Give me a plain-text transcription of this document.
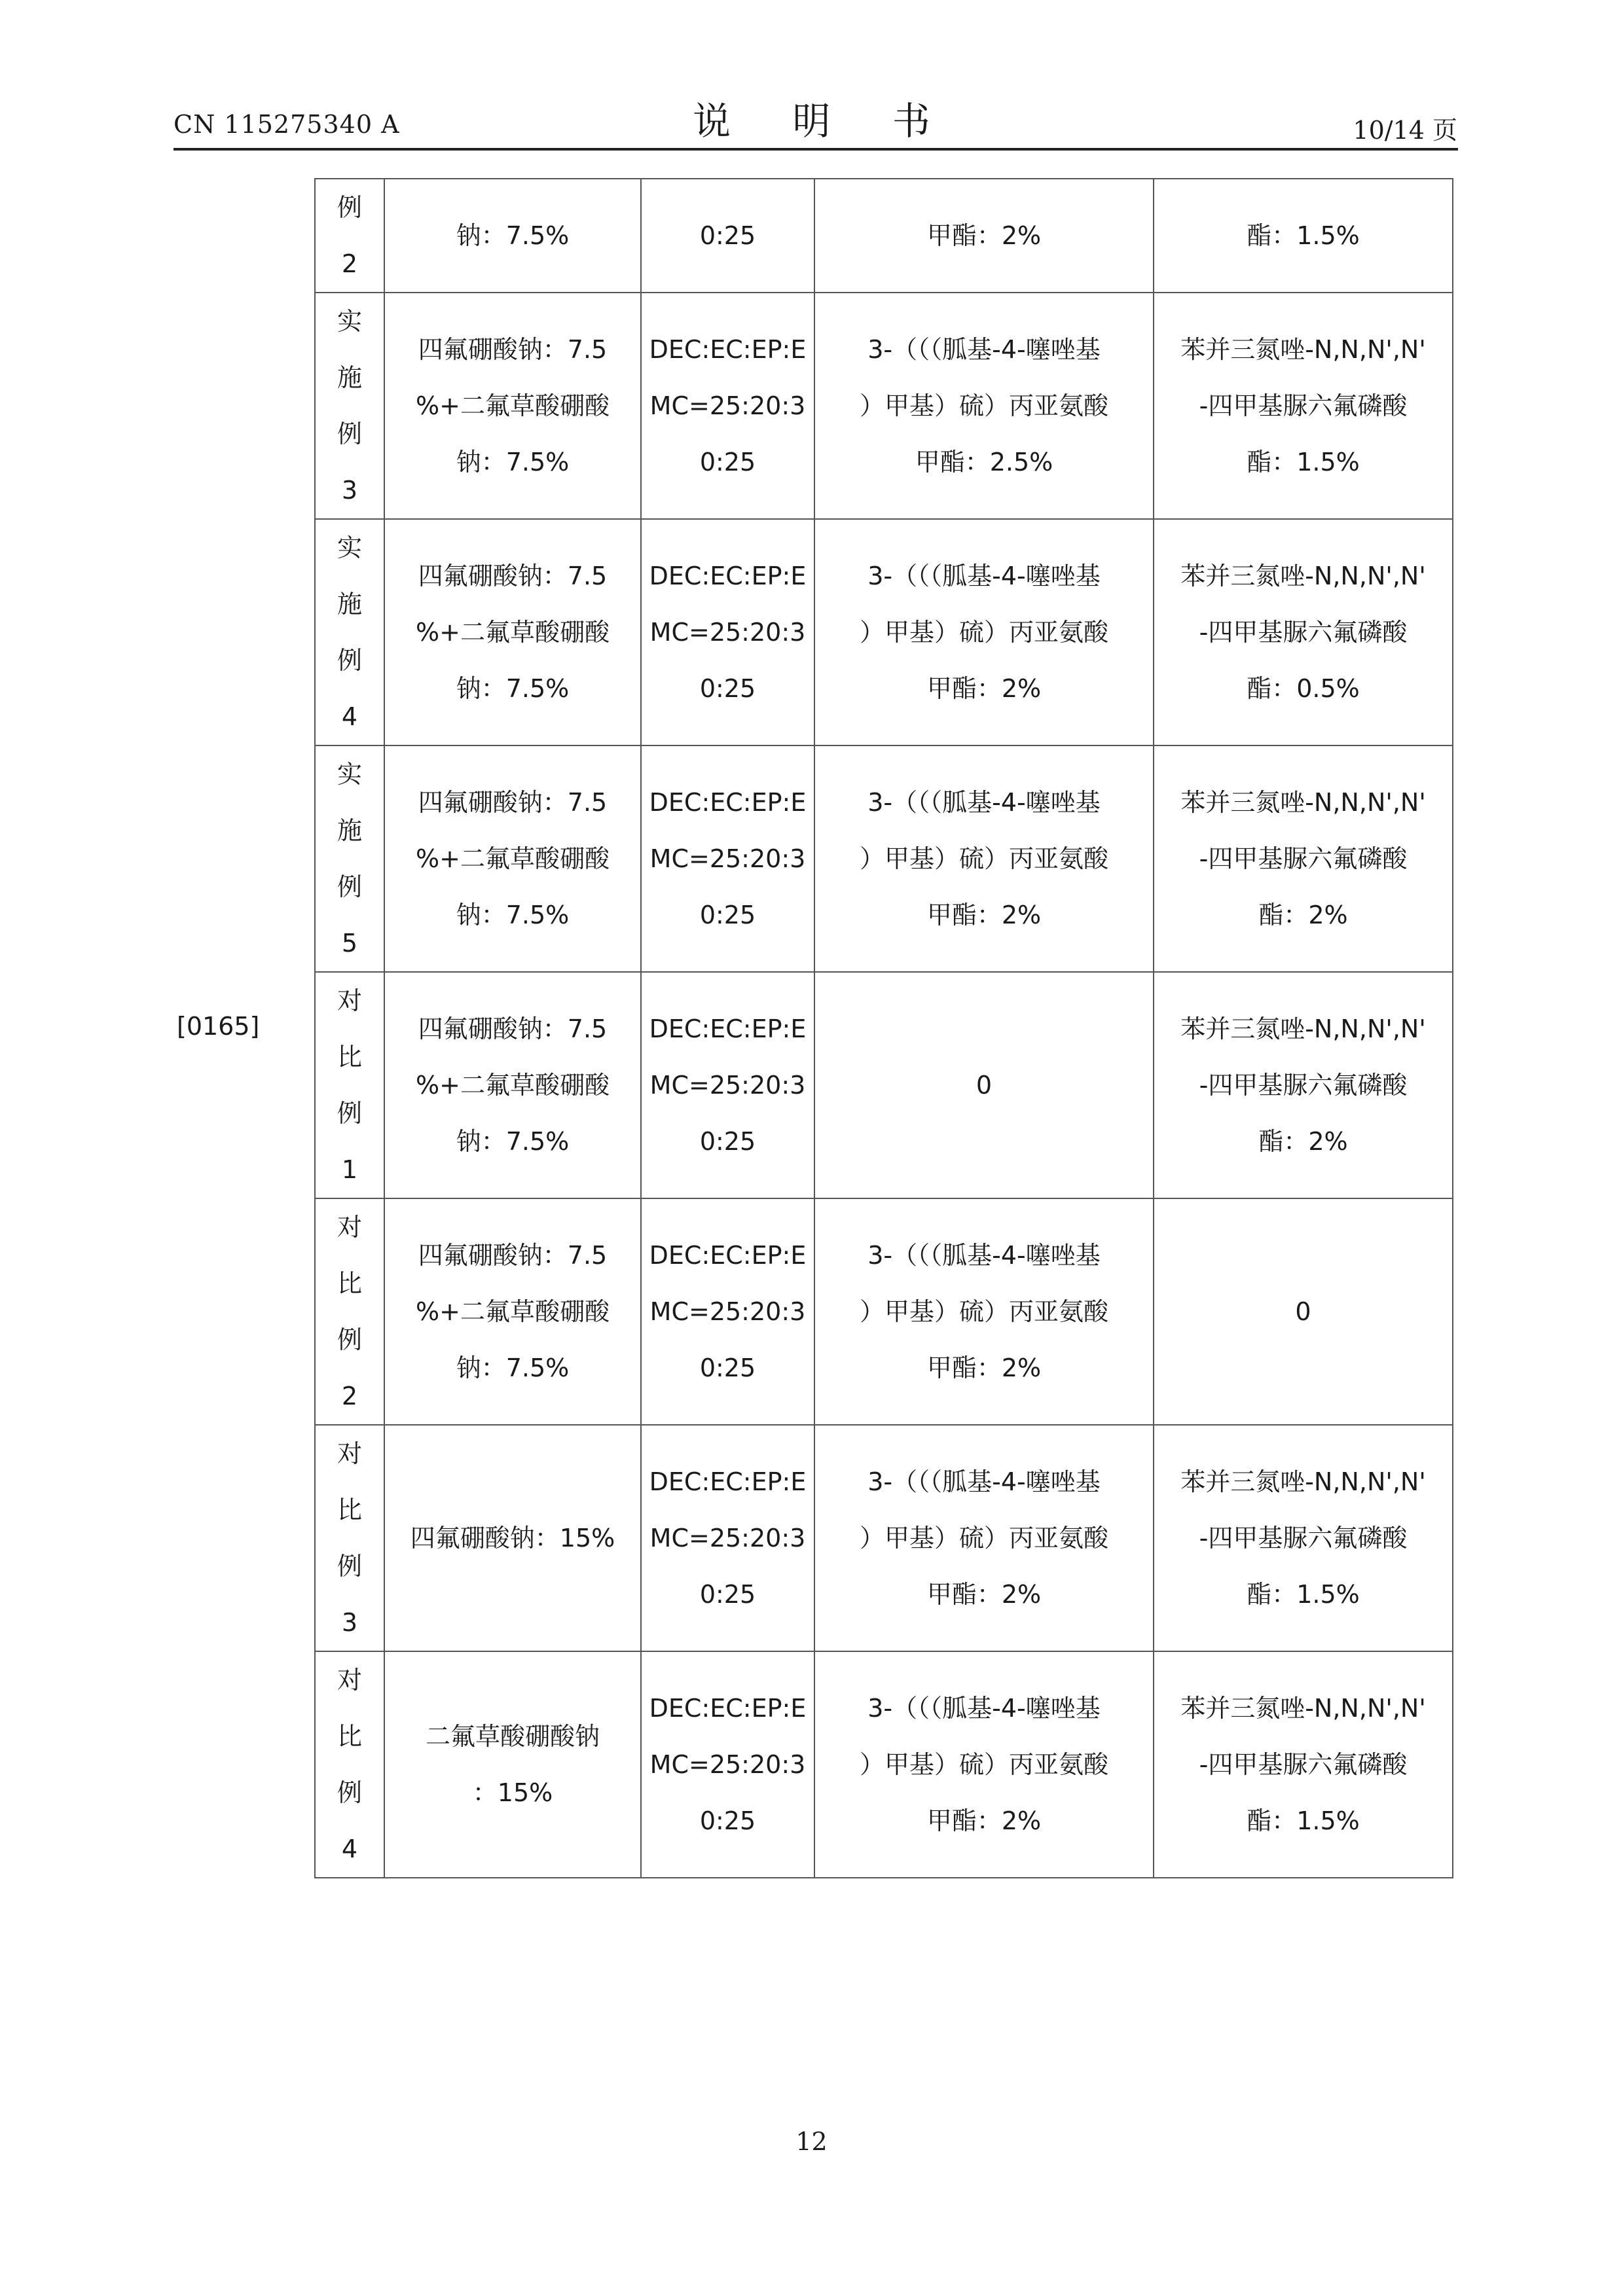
CN 115275340 A	说 明 书	10/14 页
[0165]
例
2	钠：7.5%	0:25	甲酯：2%	酯：1.5%

实
施
例
3	四氟硼酸钠：7.5
%+二氟草酸硼酸
钠：7.5%	DEC:EC:EP:E
MC=25:20:3
0:25	3-（（（胍基-4-噻唑基
）甲基）硫）丙亚氨酸
甲酯：2.5%	苯并三氮唑-N,N,N',N'
-四甲基脲六氟磷酸
酯：1.5%

实
施
例
4	四氟硼酸钠：7.5
%+二氟草酸硼酸
钠：7.5%	DEC:EC:EP:E
MC=25:20:3
0:25	3-（（（胍基-4-噻唑基
）甲基）硫）丙亚氨酸
甲酯：2%	苯并三氮唑-N,N,N',N'
-四甲基脲六氟磷酸
酯：0.5%

实
施
例
5	四氟硼酸钠：7.5
%+二氟草酸硼酸
钠：7.5%	DEC:EC:EP:E
MC=25:20:3
0:25	3-（（（胍基-4-噻唑基
）甲基）硫）丙亚氨酸
甲酯：2%	苯并三氮唑-N,N,N',N'
-四甲基脲六氟磷酸
酯：2%

对
比
例
1	四氟硼酸钠：7.5
%+二氟草酸硼酸
钠：7.5%	DEC:EC:EP:E
MC=25:20:3
0:25	0	苯并三氮唑-N,N,N',N'
-四甲基脲六氟磷酸
酯：2%

对
比
例
2	四氟硼酸钠：7.5
%+二氟草酸硼酸
钠：7.5%	DEC:EC:EP:E
MC=25:20:3
0:25	3-（（（胍基-4-噻唑基
）甲基）硫）丙亚氨酸
甲酯：2%	0

对
比
例
3	四氟硼酸钠：15%	DEC:EC:EP:E
MC=25:20:3
0:25	3-（（（胍基-4-噻唑基
）甲基）硫）丙亚氨酸
甲酯：2%	苯并三氮唑-N,N,N',N'
-四甲基脲六氟磷酸
酯：1.5%

对
比
例
4	二氟草酸硼酸钠
：15%	DEC:EC:EP:E
MC=25:20:3
0:25	3-（（（胍基-4-噻唑基
）甲基）硫）丙亚氨酸
甲酯：2%	苯并三氮唑-N,N,N',N'
-四甲基脲六氟磷酸
酯：1.5%
12
